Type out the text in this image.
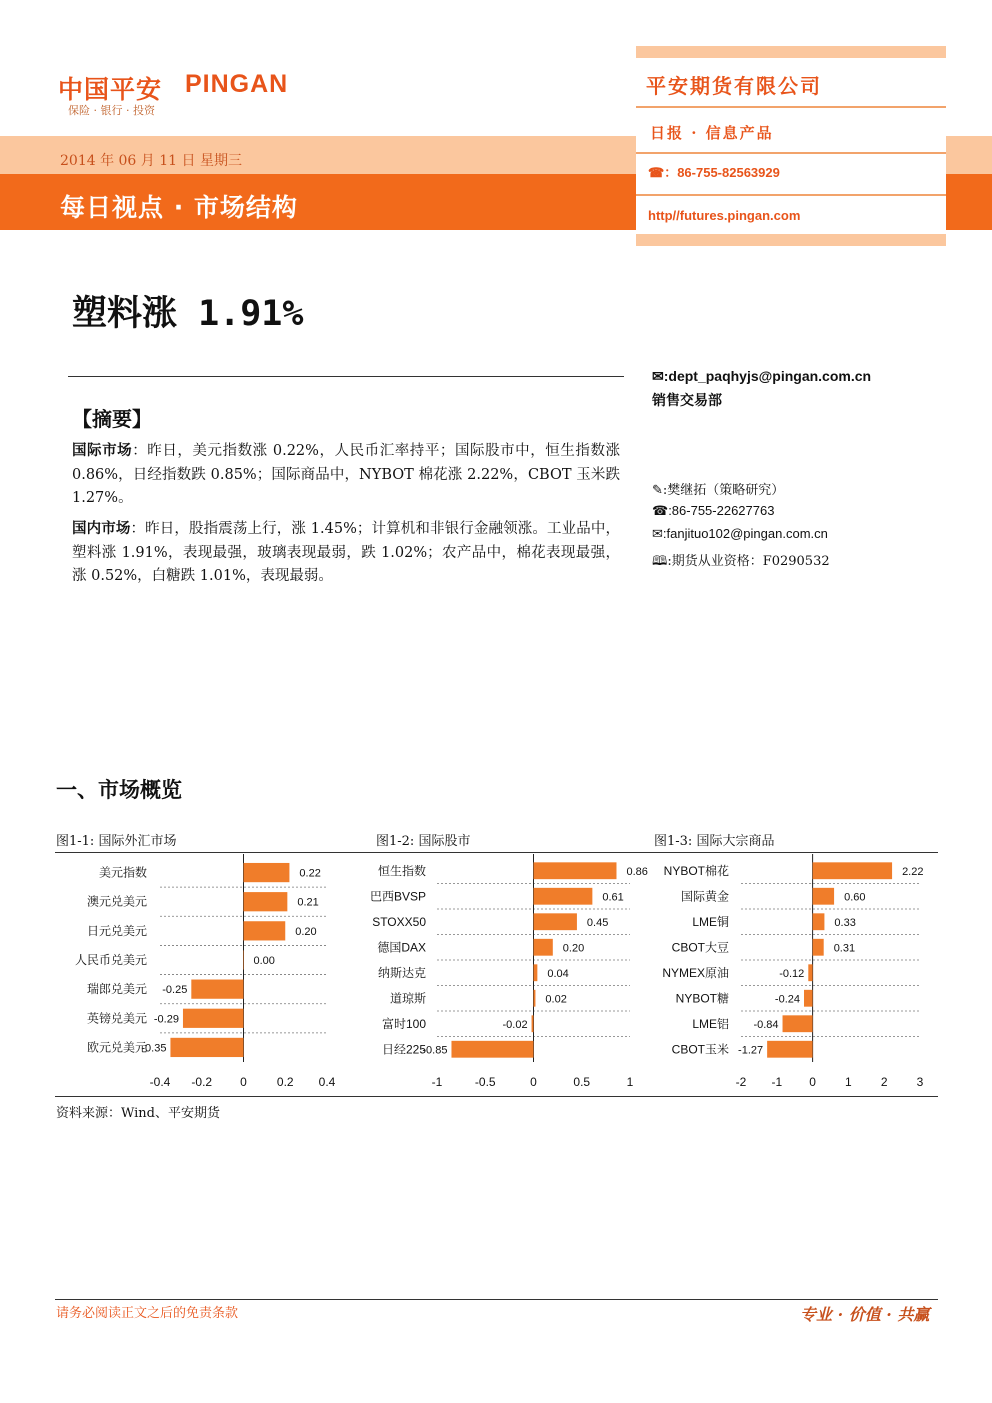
中国平安 PINGAN
保险 · 银行 · 投资
2014 年 06 月 11 日 星期三
每日视点 · 市场结构
平安期货有限公司
日报 · 信息产品
☎：86-755-82563929
http//futures.pingan.com
塑料涨 1.91%
✉:dept_paqhyjs@pingan.com.cn
销售交易部
【摘要】
国际市场：昨日，美元指数涨 0.22%，人民币汇率持平；国际股市中，恒生指数涨 0.86%，日经指数跌 0.85%；国际商品中，NYBOT 棉花涨 2.22%，CBOT 玉米跌 1.27%。
国内市场：昨日，股指震荡上行，涨 1.45%；计算机和非银行金融领涨。工业品中，塑料涨 1.91%，表现最强，玻璃表现最弱，跌 1.02%；农产品中，棉花表现最强，涨 0.52%，白糖跌 1.01%，表现最弱。
✎:樊继拓（策略研究）
☎:86-755-22627763
✉:fanjituo102@pingan.com.cn
🕮:期货从业资格：F0290532
一、市场概览
图1-1: 国际外汇市场	图1-2: 国际股市	图1-3: 国际大宗商品
美元指数	0.22
澳元兑美元	0.21
日元兑美元	0.20
人民币兑美元	0.00
瑞郎兑美元 -0.25
英镑兑美元 -0.29
欧元兑美元
-0.35
-0.4 -0.2 0	0.2 0.4
恒生指数	0.86
巴西BVSP	0.61
STOXX50	0.45
德国DAX	0.20
纳斯达克	0.04
道琼斯	0.02
富时100	-0.02
日经225
-0.85
-1	-0.5	0	0.5	1
NYBOT棉花	2.22
国际黄金	0.60
LME铜	0.33
CBOT大豆	0.31
NYMEX原油	-0.12
NYBOT糖	-0.24
LME铝 -0.84
CBOT玉米 -1.27
-2 -1 0 1 2 3
资料来源：Wind、平安期货
请务必阅读正文之后的免责条款	专业 · 价值 · 共赢
